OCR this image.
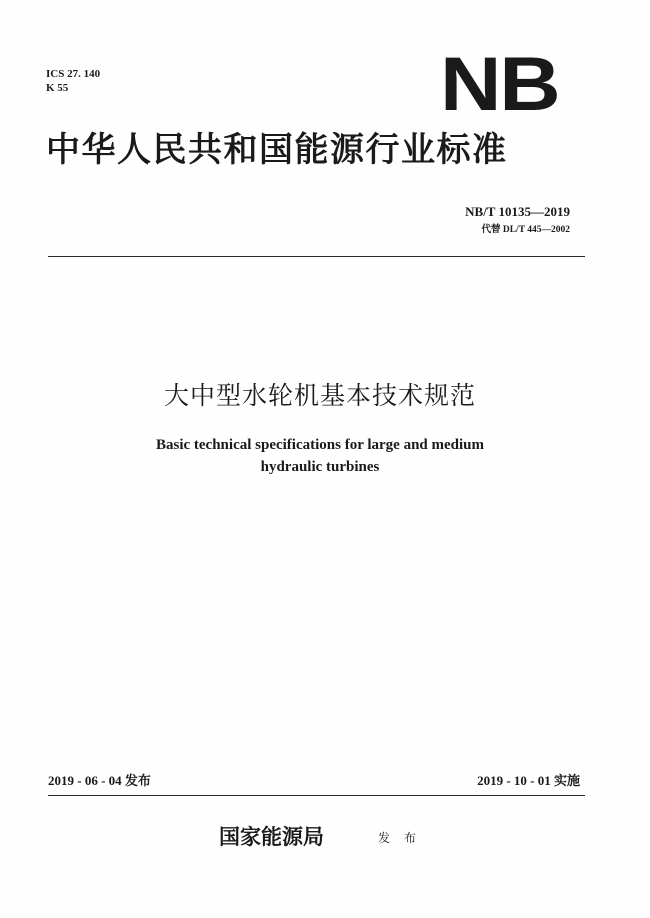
ICS 27. 140
K 55	NB
中华人民共和国能源行业标准
NB/T 10135—2019
代替 DL/T 445—2002
大中型水轮机基本技术规范
Basic technical specifications for large and medium
hydraulic turbines
2019 - 06 - 04 发布	2019 - 10 - 01 实施
国家能源局	发布
